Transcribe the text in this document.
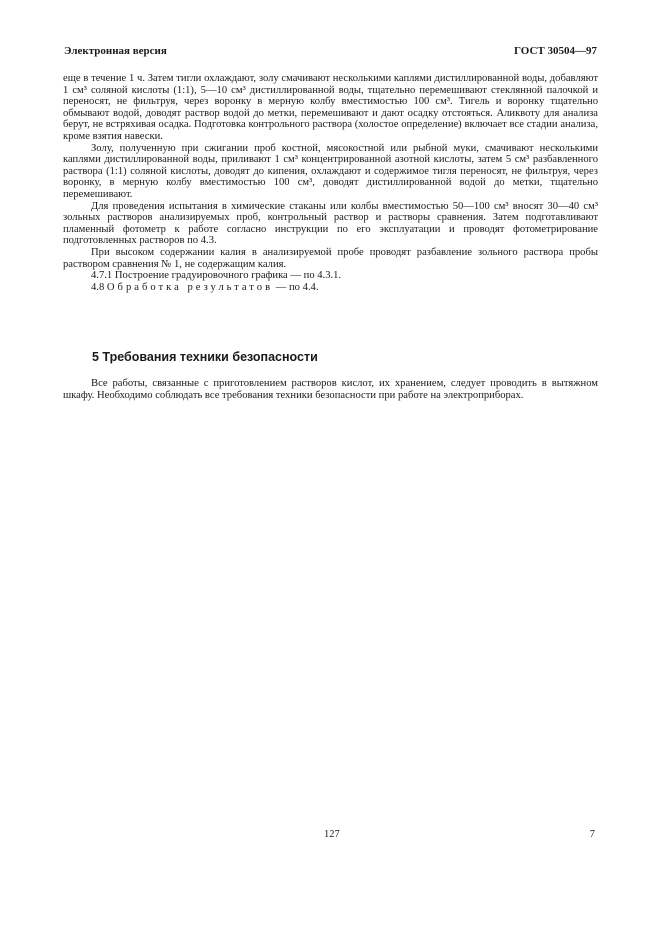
Электронная версия	ГОСТ 30504—97

еще в течение 1 ч. Затем тигли охлаждают, золу смачивают несколькими каплями дистиллированной воды, добавляют 1 см³ соляной кислоты (1:1), 5—10 см³ дистиллированной воды, тщательно перемешивают стеклянной палочкой и переносят, не фильтруя, через воронку в мерную колбу вместимостью 100 см³. Тигель и воронку тщательно обмывают водой, доводят раствор водой до метки, перемешивают и дают осадку отстояться. Аликвоту для анализа берут, не встряхивая осадка. Подготовка контрольного раствора (холостое определение) включает все стадии анализа, кроме взятия навески.

Золу, полученную при сжигании проб костной, мясокостной или рыбной муки, смачивают несколькими каплями дистиллированной воды, приливают 1 см³ концентрированной азотной кислоты, затем 5 см³ разбавленного раствора (1:1) соляной кислоты, доводят до кипения, охлаждают и содержимое тигля переносят, не фильтруя, через воронку, в мерную колбу вместимостью 100 см³, доводят дистиллированной водой до метки, тщательно перемешивают.

Для проведения испытания в химические стаканы или колбы вместимостью 50—100 см³ вносят 30—40 см³ зольных растворов анализируемых проб, контрольный раствор и растворы сравнения. Затем подготавливают пламенный фотометр к работе согласно инструкции по его эксплуатации и проводят фотометрирование подготовленных растворов по 4.3.

При высоком содержании калия в анализируемой пробе проводят разбавление зольного раствора пробы раствором сравнения № 1, не содержащим калия.

4.7.1 Построение градуировочного графика — по 4.3.1.

4.8 Обработка результатов — по 4.4.

5 Требования техники безопасности

Все работы, связанные с приготовлением растворов кислот, их хранением, следует проводить в вытяжном шкафу. Необходимо соблюдать все требования техники безопасности при работе на электроприборах.

127	7
